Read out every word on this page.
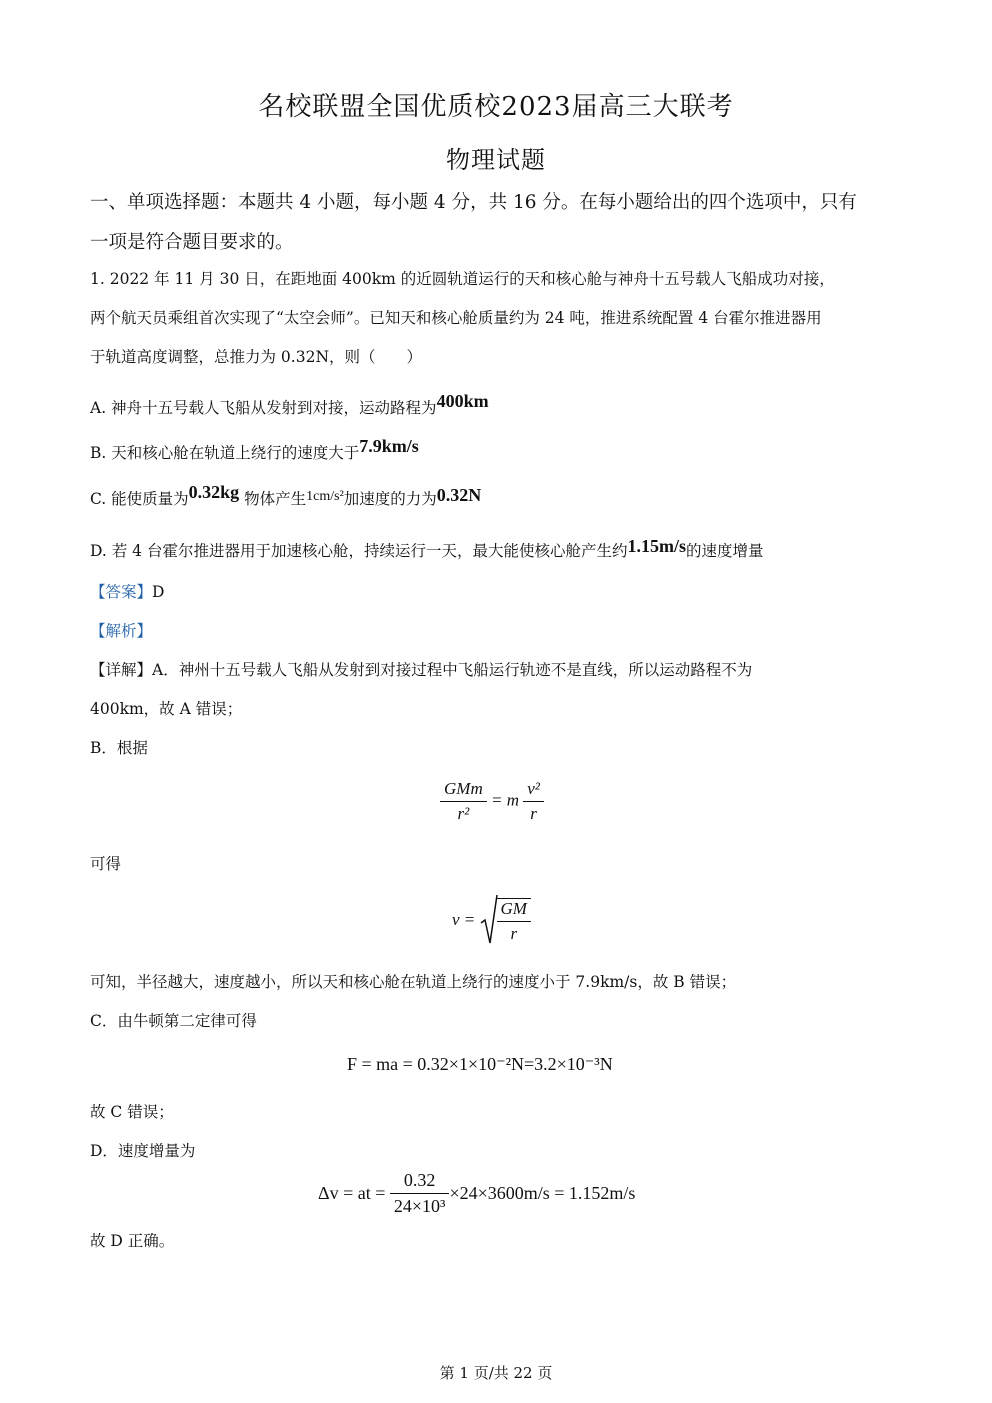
名校联盟全国优质校2023届高三大联考
物理试题
一、单项选择题：本题共 4 小题，每小题 4 分，共 16 分。在每小题给出的四个选项中，只有
一项是符合题目要求的。
1. 2022 年 11 月 30 日，在距地面 400km 的近圆轨道运行的天和核心舱与神舟十五号载人飞船成功对接，
两个航天员乘组首次实现了“太空会师”。已知天和核心舱质量约为 24 吨，推进系统配置 4 台霍尔推进器用
于轨道高度调整，总推力为 0.32N，则（　　）
A. 神舟十五号载人飞船从发射到对接，运动路程为400km
B. 天和核心舱在轨道上绕行的速度大于7.9km/s
C. 能使质量为0.32kg 物体产生1cm/s²加速度的力为0.32N
D. 若 4 台霍尔推进器用于加速核心舱，持续运行一天，最大能使核心舱产生约1.15m/s的速度增量
【答案】D
【解析】
【详解】A．神州十五号载人飞船从发射到对接过程中飞船运行轨迹不是直线，所以运动路程不为
400km，故 A 错误；
B．根据
$\frac{\text{GMm}}{\text{r²}} = m \frac{\text{v²}}{r}$
可得
$v = \frac{GM}{r}$
可知，半径越大，速度越小，所以天和核心舱在轨道上绕行的速度小于 7.9km/s，故 B 错误；
C．由牛顿第二定律可得
F = ma = 0.32×1×10⁻²N=3.2×10⁻³N
故 C 错误；
D．速度增量为
Δv = at = $\frac{0.32}{\text{24×10³}} \times 24\times 3600m/s = 1.152m/s$
故 D 正确。
第 1 页/共 22 页
